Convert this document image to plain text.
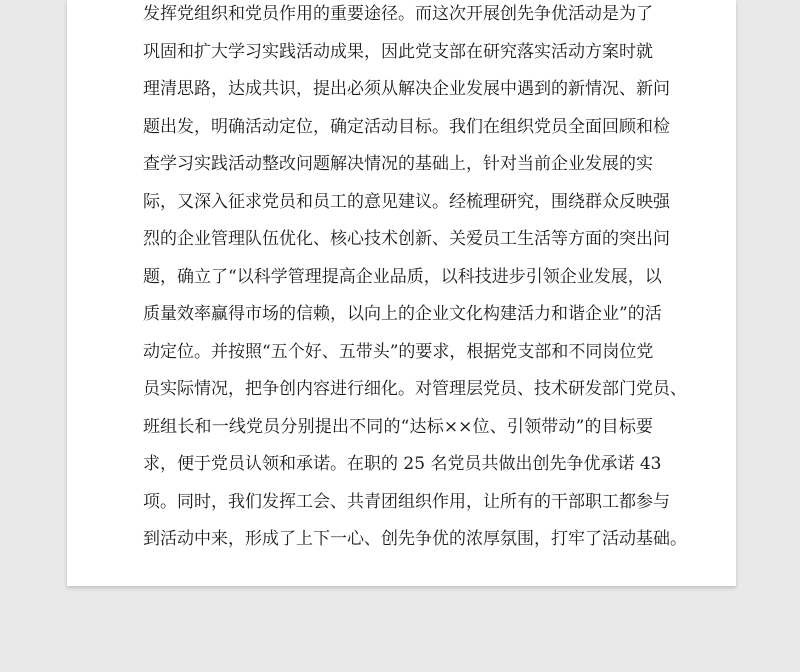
发挥党组织和党员作用的重要途径。而这次开展创先争优活动是为了
巩固和扩大学习实践活动成果，因此党支部在研究落实活动方案时就
理清思路，达成共识，提出必须从解决企业发展中遇到的新情况、新问
题出发，明确活动定位，确定活动目标。我们在组织党员全面回顾和检
查学习实践活动整改问题解决情况的基础上，针对当前企业发展的实
际，又深入征求党员和员工的意见建议。经梳理研究，围绕群众反映强
烈的企业管理队伍优化、核心技术创新、关爱员工生活等方面的突出问
题，确立了“以科学管理提高企业品质，以科技进步引领企业发展，以
质量效率赢得市场的信赖，以向上的企业文化构建活力和谐企业”的活
动定位。并按照“五个好、五带头”的要求，根据党支部和不同岗位党
员实际情况，把争创内容进行细化。对管理层党员、技术研发部门党员、
班组长和一线党员分别提出不同的“达标××位、引领带动”的目标要
求，便于党员认领和承诺。在职的 25 名党员共做出创先争优承诺 43
项。同时，我们发挥工会、共青团组织作用，让所有的干部职工都参与
到活动中来，形成了上下一心、创先争优的浓厚氛围，打牢了活动基础。
